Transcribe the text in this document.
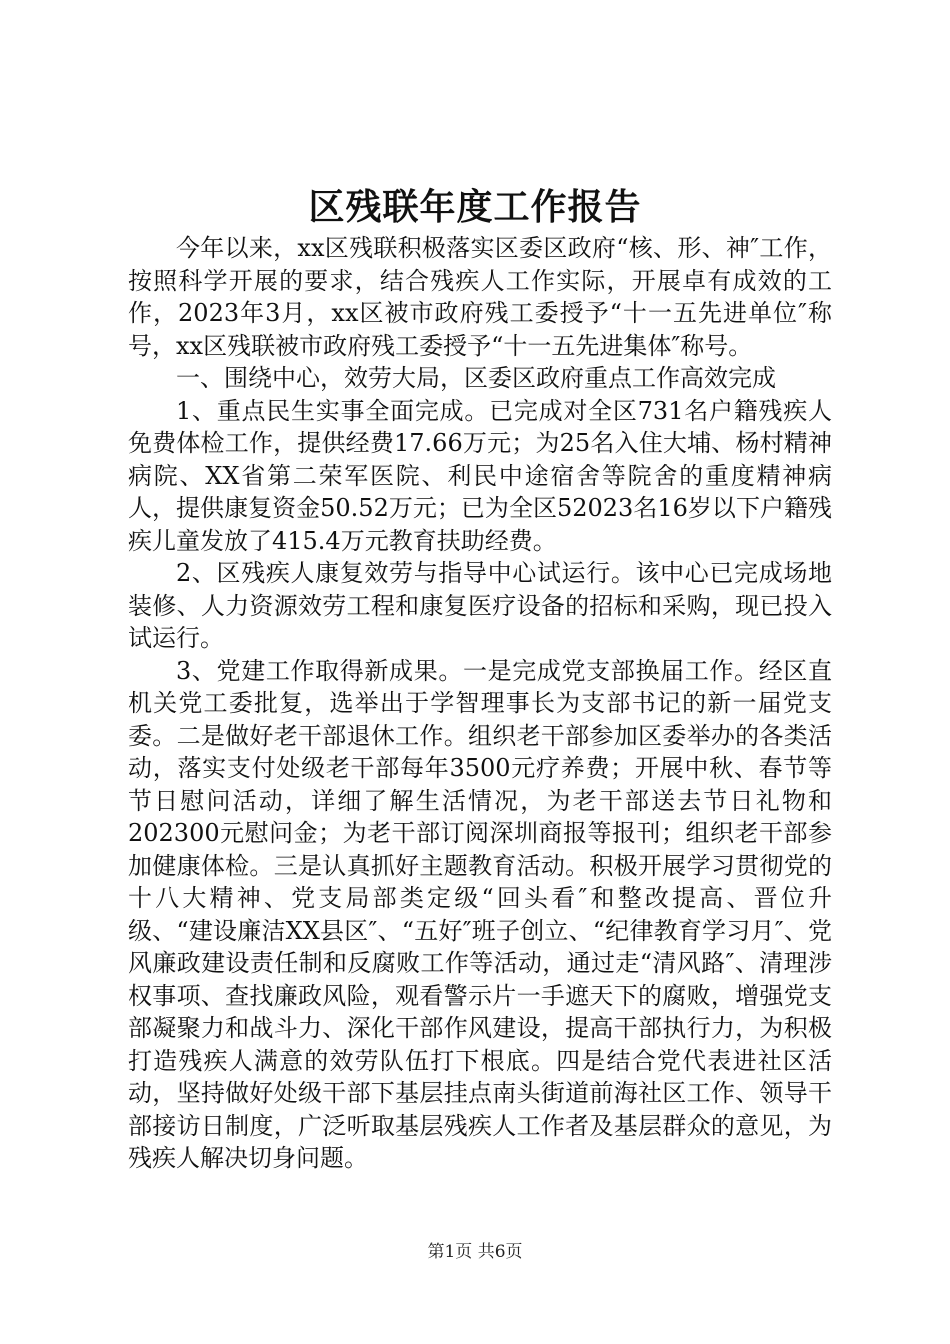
区残联年度工作报告

今年以来，xx区残联积极落实区委区政府“核、形、神″工作，按照科学开展的要求，结合残疾人工作实际，开展卓有成效的工作，2023年3月，xx区被市政府残工委授予“十一五先进单位″称号，xx区残联被市政府残工委授予“十一五先进集体″称号。

一、围绕中心，效劳大局，区委区政府重点工作高效完成

1、重点民生实事全面完成。已完成对全区731名户籍残疾人免费体检工作，提供经费17.66万元；为25名入住大埔、杨村精神病院、XX省第二荣军医院、利民中途宿舍等院舍的重度精神病人，提供康复资金50.52万元；已为全区52023名16岁以下户籍残疾儿童发放了415.4万元教育扶助经费。

2、区残疾人康复效劳与指导中心试运行。该中心已完成场地装修、人力资源效劳工程和康复医疗设备的招标和采购，现已投入试运行。

3、党建工作取得新成果。一是完成党支部换届工作。经区直机关党工委批复，选举出于学智理事长为支部书记的新一届党支委。二是做好老干部退休工作。组织老干部参加区委举办的各类活动，落实支付处级老干部每年3500元疗养费；开展中秋、春节等节日慰问活动，详细了解生活情况，为老干部送去节日礼物和202300元慰问金；为老干部订阅深圳商报等报刊；组织老干部参加健康体检。三是认真抓好主题教育活动。积极开展学习贯彻党的十八大精神、党支局部类定级“回头看″和整改提高、晋位升级、“建设廉洁XX县区″、“五好″班子创立、“纪律教育学习月″、党风廉政建设责任制和反腐败工作等活动，通过走“清风路″、清理涉权事项、查找廉政风险，观看警示片一手遮天下的腐败，增强党支部凝聚力和战斗力、深化干部作风建设，提高干部执行力，为积极打造残疾人满意的效劳队伍打下根底。四是结合党代表进社区活动，坚持做好处级干部下基层挂点南头街道前海社区工作、领导干部接访日制度，广泛听取基层残疾人工作者及基层群众的意见，为残疾人解决切身问题。

第1页 共6页
